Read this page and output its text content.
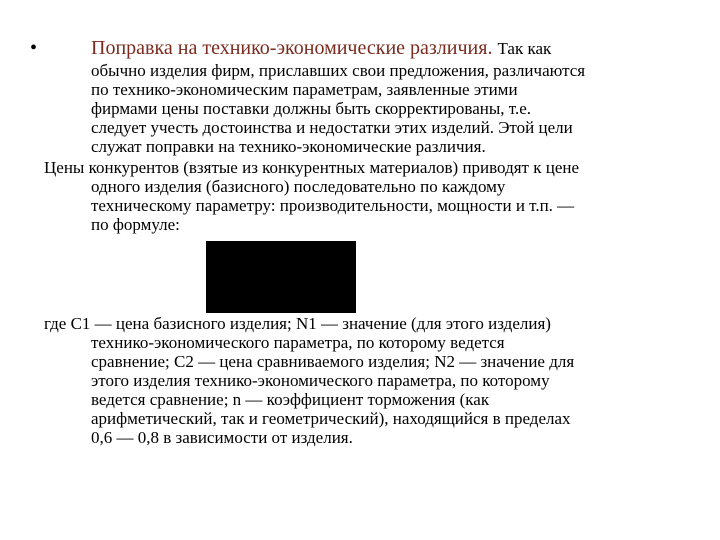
•	Поправка на технико-экономические различия. Так как
обычно изделия фирм, приславших свои предложения, различаются
по технико-экономическим параметрам, заявленные этими
фирмами цены поставки должны быть скорректированы, т.е.
следует учесть достоинства и недостатки этих изделий. Этой цели
служат поправки на технико-экономические различия.
Цены конкурентов (взятые из конкурентных материалов) приводят к цене
одного изделия (базисного) последовательно по каждому
техническому параметру: производительности, мощности и т.п. —
по формуле:
где С1 — цена базисного изделия; N1 — значение (для этого изделия)
технико-экономического параметра, по которому ведется
сравнение; С2 — цена сравниваемого изделия; N2 — значение для
этого изделия технико-экономического параметра, по которому
ведется сравнение; n — коэффициент торможения (как
арифметический, так и геометрический), находящийся в пределах
0,6 — 0,8 в зависимости от изделия.
